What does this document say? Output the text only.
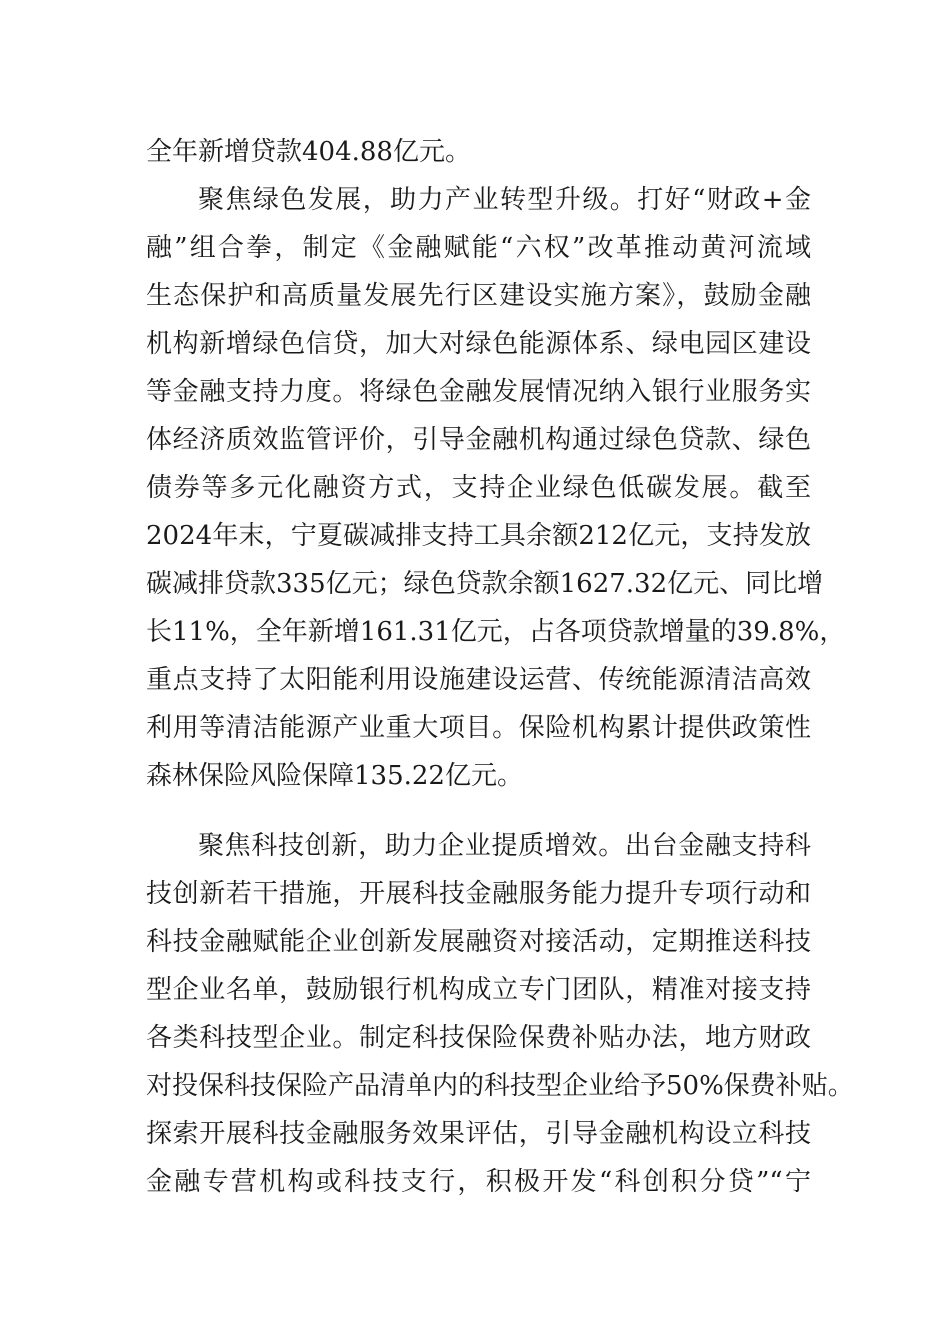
全年新增贷款404.88亿元。
聚焦绿色发展，助力产业转型升级。打好“财政+金
融”组合拳，制定《金融赋能“六权”改革推动黄河流域
生态保护和高质量发展先行区建设实施方案》，鼓励金融
机构新增绿色信贷，加大对绿色能源体系、绿电园区建设
等金融支持力度。将绿色金融发展情况纳入银行业服务实
体经济质效监管评价，引导金融机构通过绿色贷款、绿色
债券等多元化融资方式，支持企业绿色低碳发展。截至
2024年末，宁夏碳减排支持工具余额212亿元，支持发放
碳减排贷款335亿元；绿色贷款余额1627.32亿元、同比增
长11%，全年新增161.31亿元，占各项贷款增量的39.8%，
重点支持了太阳能利用设施建设运营、传统能源清洁高效
利用等清洁能源产业重大项目。保险机构累计提供政策性
森林保险风险保障135.22亿元。
聚焦科技创新，助力企业提质增效。出台金融支持科
技创新若干措施，开展科技金融服务能力提升专项行动和
科技金融赋能企业创新发展融资对接活动，定期推送科技
型企业名单，鼓励银行机构成立专门团队，精准对接支持
各类科技型企业。制定科技保险保费补贴办法，地方财政
对投保科技保险产品清单内的科技型企业给予50%保费补贴。
探索开展科技金融服务效果评估，引导金融机构设立科技
金融专营机构或科技支行，积极开发“科创积分贷”“宁
